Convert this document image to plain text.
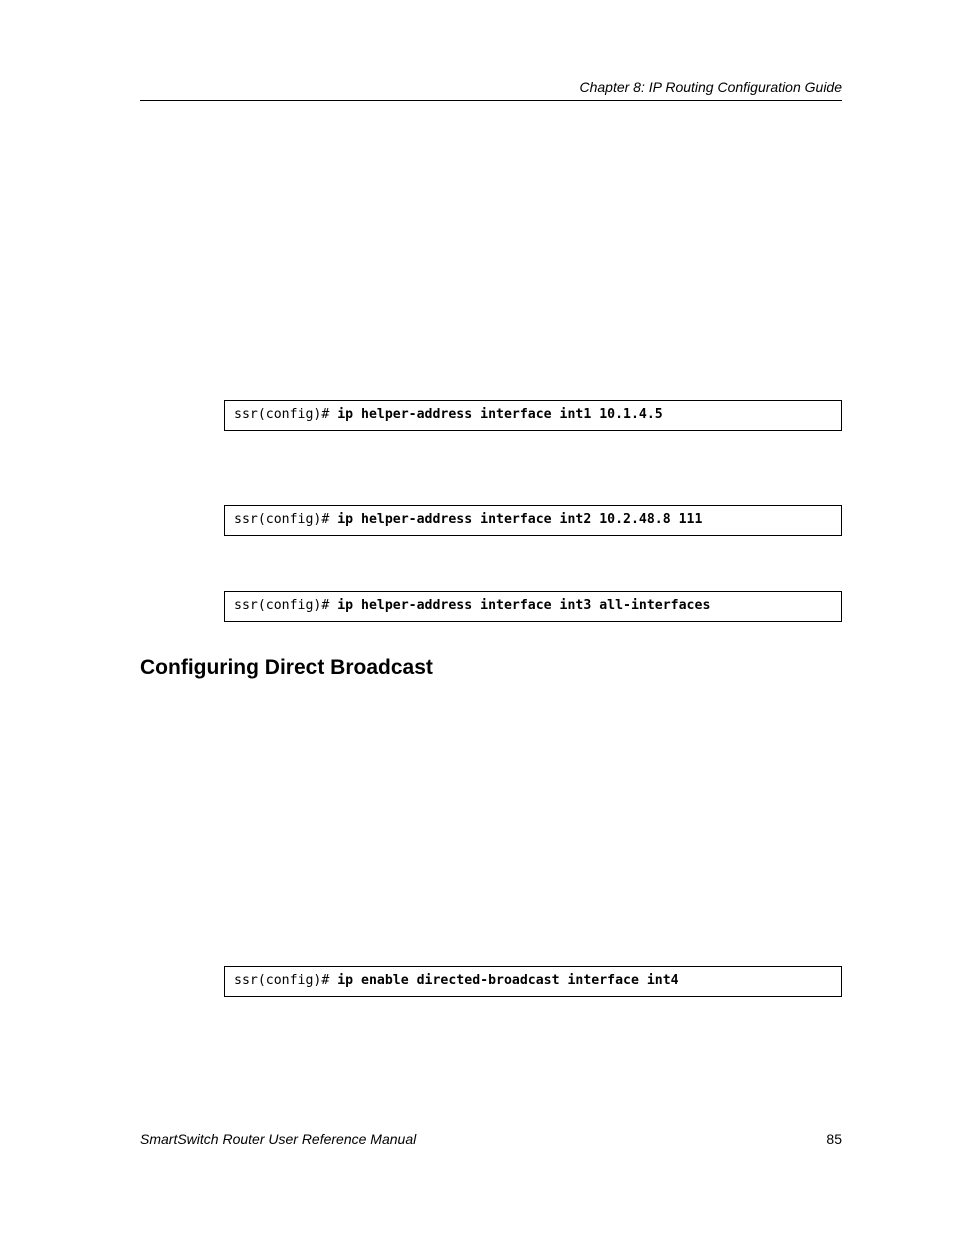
Chapter 8: IP Routing Configuration Guide
ssr(config)# ip helper-address interface int1 10.1.4.5
ssr(config)# ip helper-address interface int2 10.2.48.8 111
ssr(config)# ip helper-address interface int3 all-interfaces
Configuring Direct Broadcast
ssr(config)# ip enable directed-broadcast interface int4
SmartSwitch Router User Reference Manual	85
